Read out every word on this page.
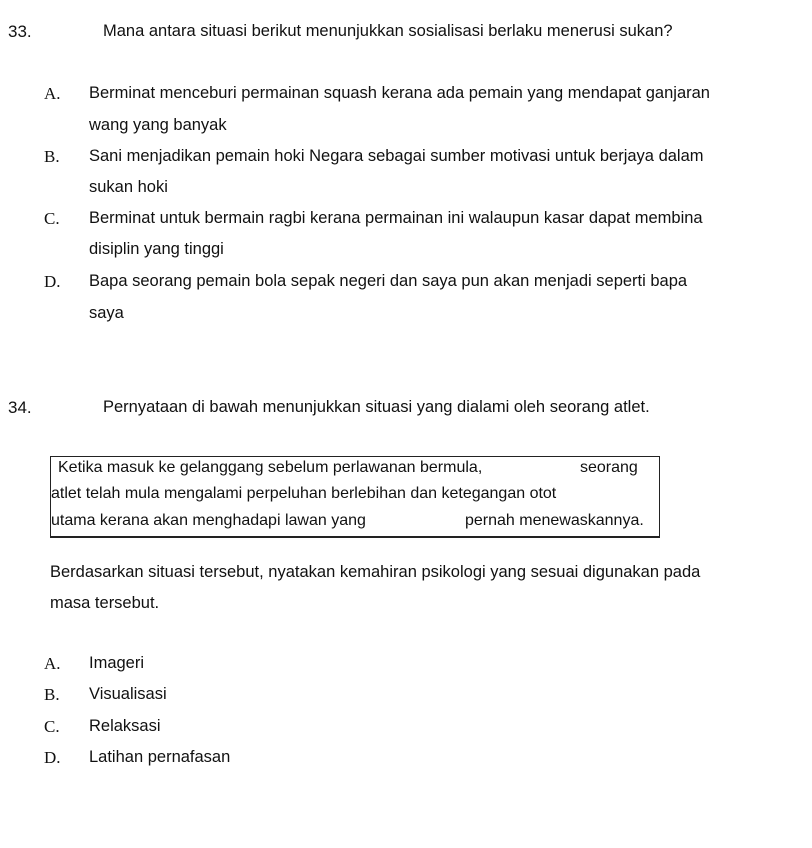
33.	Mana antara situasi berikut menunjukkan sosialisasi berlaku menerusi sukan?
A. Berminat menceburi permainan squash kerana ada pemain yang mendapat ganjaran
wang yang banyak
B. Sani menjadikan pemain hoki Negara sebagai sumber motivasi untuk berjaya dalam
sukan hoki
C. Berminat untuk bermain ragbi kerana permainan ini walaupun kasar dapat membina
disiplin yang tinggi
D. Bapa seorang pemain bola sepak negeri dan saya pun akan menjadi seperti bapa
saya
34.	Pernyataan di bawah menunjukkan situasi yang dialami oleh seorang atlet.
Ketika masuk ke gelanggang sebelum perlawanan bermula,	seorang
atlet telah mula mengalami perpeluhan berlebihan dan ketegangan otot
utama kerana akan menghadapi lawan yang	pernah menewaskannya.
Berdasarkan situasi tersebut, nyatakan kemahiran psikologi yang sesuai digunakan pada
masa tersebut.
A. Imageri
B. Visualisasi
C. Relaksasi
D. Latihan pernafasan
